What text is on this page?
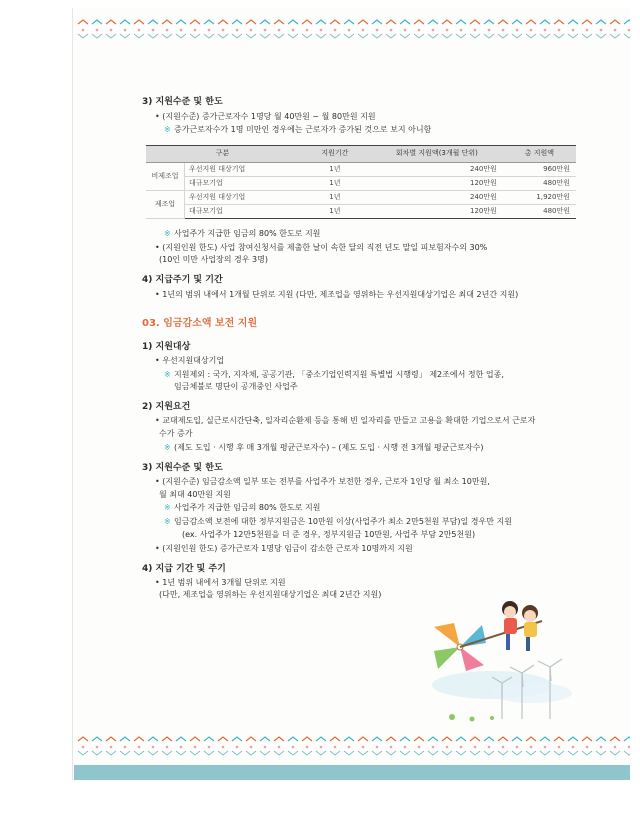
3) 지원수준 및 한도

• (지원수준) 증가근로자수 1명당 월 40만원 ~ 월 80만원 지원

※ 증가근로자수가 1명 미만인 경우에는 근로자가 증가된 것으로 보지 아니함

구분		지원기간	회차별 지원액(3개월 단위)	총 지원액
비제조업	우선지원 대상기업	1년	240만원	960만원
	대규모기업	1년	120만원	480만원
제조업	우선지원 대상기업	1년	240만원	1,920만원
	대규모기업	1년	120만원	480만원

※ 사업주가 지급한 임금의 80% 한도로 지원

• (지원인원 한도) 사업 참여신청서를 제출한 날이 속한 달의 직전 년도 말일 피보험자수의 30%

(10인 미만 사업장의 경우 3명)

4) 지급주기 및 기간

• 1년의 범위 내에서 1개월 단위로 지원 (다만, 제조업을 영위하는 우선지원대상기업은 최대 2년간 지원)

03. 임금감소액 보전 지원

1) 지원대상

• 우선지원대상기업

※ 지원제외 : 국가, 지자체, 공공기관, 「중소기업인력지원 특별법 시행령」 제2조에서 정한 업종,

임금체불로 명단이 공개중인 사업주

2) 지원요건

• 교대제도입, 실근로시간단축, 일자리순환제 등을 통해 빈 일자리를 만들고 고용을 확대한 기업으로서 근로자

수가 증가

※ (제도 도입 · 시행 후 매 3개월 평균근로자수) – (제도 도입 · 시행 전 3개월 평균근로자수)

3) 지원수준 및 한도

• (지원수준) 임금감소액 일부 또는 전부를 사업주가 보전한 경우, 근로자 1인당 월 최소 10만원,

월 최대 40만원 지원

※ 사업주가 지급한 임금의 80% 한도로 지원

※ 임금감소액 보전에 대한 정부지원금은 10만원 이상(사업주가 최소 2만5천원 부담)일 경우만 지원

(ex. 사업주가 12만5천원을 더 준 경우, 정부지원금 10만원, 사업주 부담 2만5천원)

• (지원인원 한도) 증가근로자 1명당 임금이 감소한 근로자 10명까지 지원

4) 지급 기간 및 주기

• 1년 범위 내에서 3개월 단위로 지원

(다만, 제조업을 영위하는 우선지원대상기업은 최대 2년간 지원)
